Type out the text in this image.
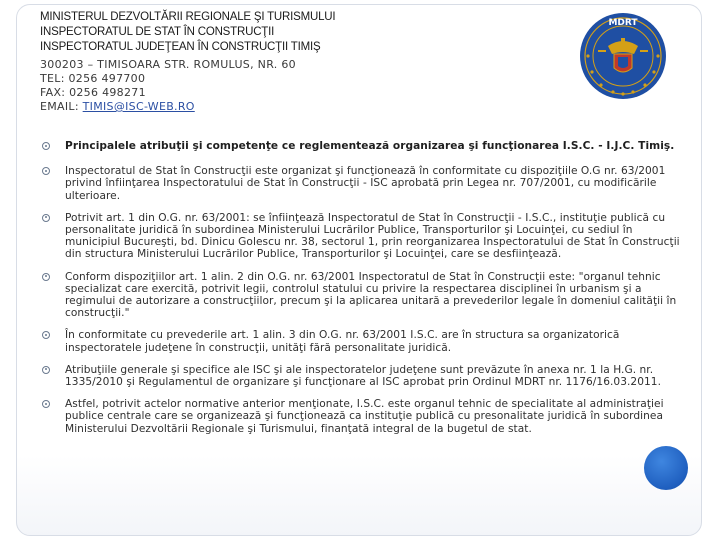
MINISTERUL DEZVOLTĂRII REGIONALE ŞI TURISMULUI
INSPECTORATUL DE STAT ÎN CONSTRUCŢII
INSPECTORATUL JUDEŢEAN ÎN CONSTRUCŢII TIMIŞ
300203 – TIMISOARA STR. ROMULUS, NR. 60
TEL: 0256 497700
FAX: 0256 498271
EMAIL: TIMIS@ISC-WEB.RO
MDRT
Principalele atribuţii şi competenţe ce reglementează organizarea şi funcţionarea I.S.C. - I.J.C. Timiş.
Inspectoratul de Stat în Construcţii este organizat şi funcţionează în conformitate cu dispoziţiile O.G nr. 63/2001 privind înfiinţarea Inspectoratului de Stat în Construcţii - ISC aprobată prin Legea nr. 707/2001, cu modificările ulterioare.
Potrivit art. 1 din O.G. nr. 63/2001: se înfiinţează Inspectoratul de Stat în Construcţii - I.S.C., instituţie publică cu personalitate juridică în subordinea Ministerului Lucrărilor Publice, Transporturilor şi Locuinţei, cu sediul în municipiul Bucureşti, bd. Dinicu Golescu nr. 38, sectorul 1, prin reorganizarea Inspectoratului de Stat în Construcţii din structura Ministerului Lucrărilor Publice, Transporturilor şi Locuinţei, care se desfiinţează.
Conform dispoziţiilor art. 1 alin. 2 din O.G. nr. 63/2001 Inspectoratul de Stat în Construcţii este: "organul tehnic specializat care exercită, potrivit legii, controlul statului cu privire la respectarea disciplinei în urbanism şi a regimului de autorizare a construcţiilor, precum şi la aplicarea unitară a prevederilor legale în domeniul calităţii în construcţii."
În conformitate cu prevederile art. 1 alin. 3 din O.G. nr. 63/2001 I.S.C. are în structura sa organizatorică inspectoratele judeţene în construcţii, unităţi fără personalitate juridică.
Atribuţiile generale şi specifice ale ISC şi ale inspectoratelor judeţene sunt prevăzute în anexa nr. 1 la H.G. nr. 1335/2010 şi Regulamentul de organizare şi funcţionare al ISC aprobat prin Ordinul MDRT nr. 1176/16.03.2011.
Astfel, potrivit actelor normative anterior menţionate, I.S.C. este organul tehnic de specialitate al administraţiei publice centrale care se organizează şi funcţionează ca instituţie publică cu presonalitate juridică în subordinea Ministerului Dezvoltării Regionale şi Turismului, finanţată integral de la bugetul de stat.
